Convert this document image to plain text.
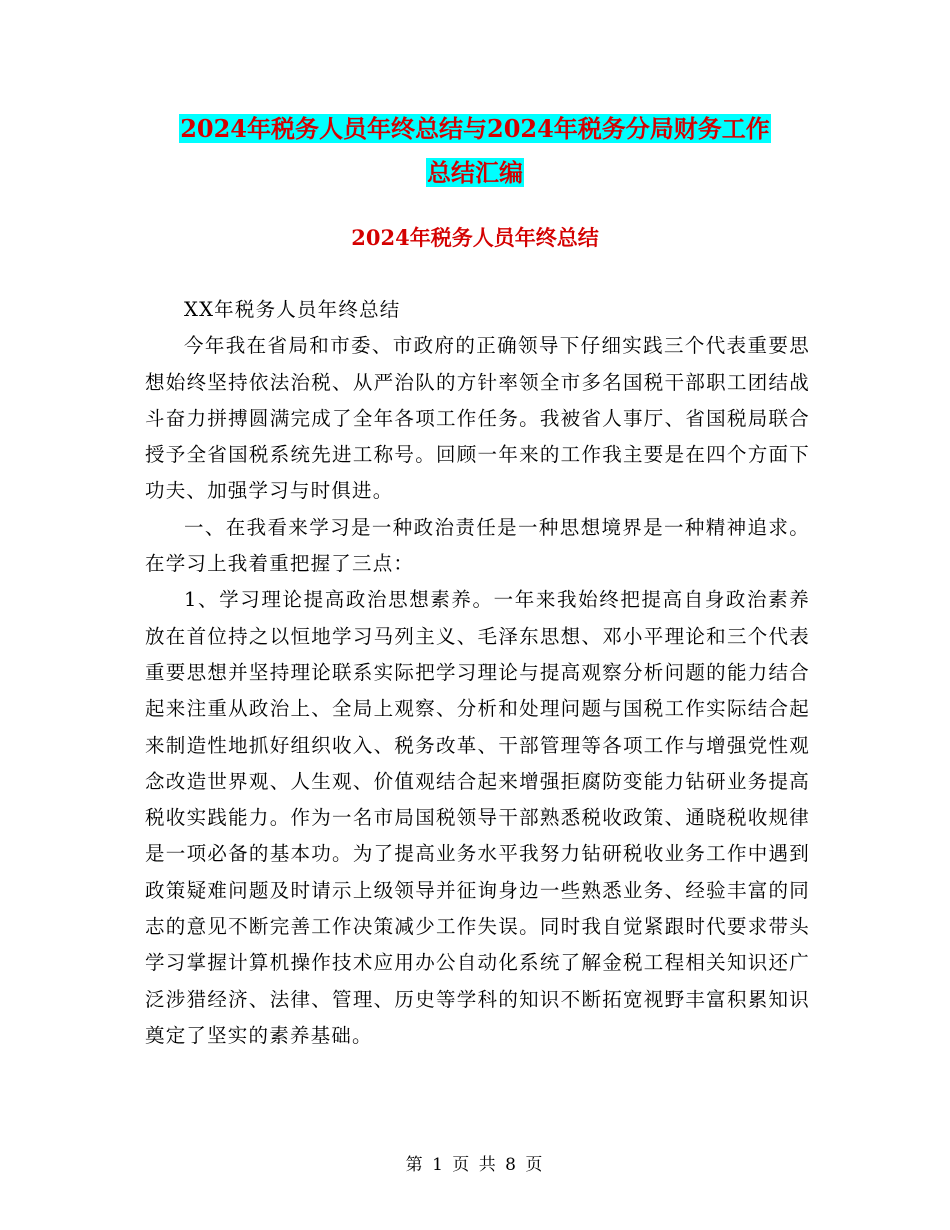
2024年税务人员年终总结与2024年税务分局财务工作
总结汇编
2024年税务人员年终总结

XX年税务人员年终总结

今年我在省局和市委、市政府的正确领导下仔细实践三个代表重要思想始终坚持依法治税、从严治队的方针率领全市多名国税干部职工团结战斗奋力拼搏圆满完成了全年各项工作任务。我被省人事厅、省国税局联合授予全省国税系统先进工称号。回顾一年来的工作我主要是在四个方面下功夫、加强学习与时俱进。

一、在我看来学习是一种政治责任是一种思想境界是一种精神追求。在学习上我着重把握了三点：

1、学习理论提高政治思想素养。一年来我始终把提高自身政治素养放在首位持之以恒地学习马列主义、毛泽东思想、邓小平理论和三个代表重要思想并坚持理论联系实际把学习理论与提高观察分析问题的能力结合起来注重从政治上、全局上观察、分析和处理问题与国税工作实际结合起来制造性地抓好组织收入、税务改革、干部管理等各项工作与增强党性观念改造世界观、人生观、价值观结合起来增强拒腐防变能力钻研业务提高税收实践能力。作为一名市局国税领导干部熟悉税收政策、通晓税收规律是一项必备的基本功。为了提高业务水平我努力钻研税收业务工作中遇到政策疑难问题及时请示上级领导并征询身边一些熟悉业务、经验丰富的同志的意见不断完善工作决策减少工作失误。同时我自觉紧跟时代要求带头学习掌握计算机操作技术应用办公自动化系统了解金税工程相关知识还广泛涉猎经济、法律、管理、历史等学科的知识不断拓宽视野丰富积累知识奠定了坚实的素养基础。

第 1 页 共 8 页
